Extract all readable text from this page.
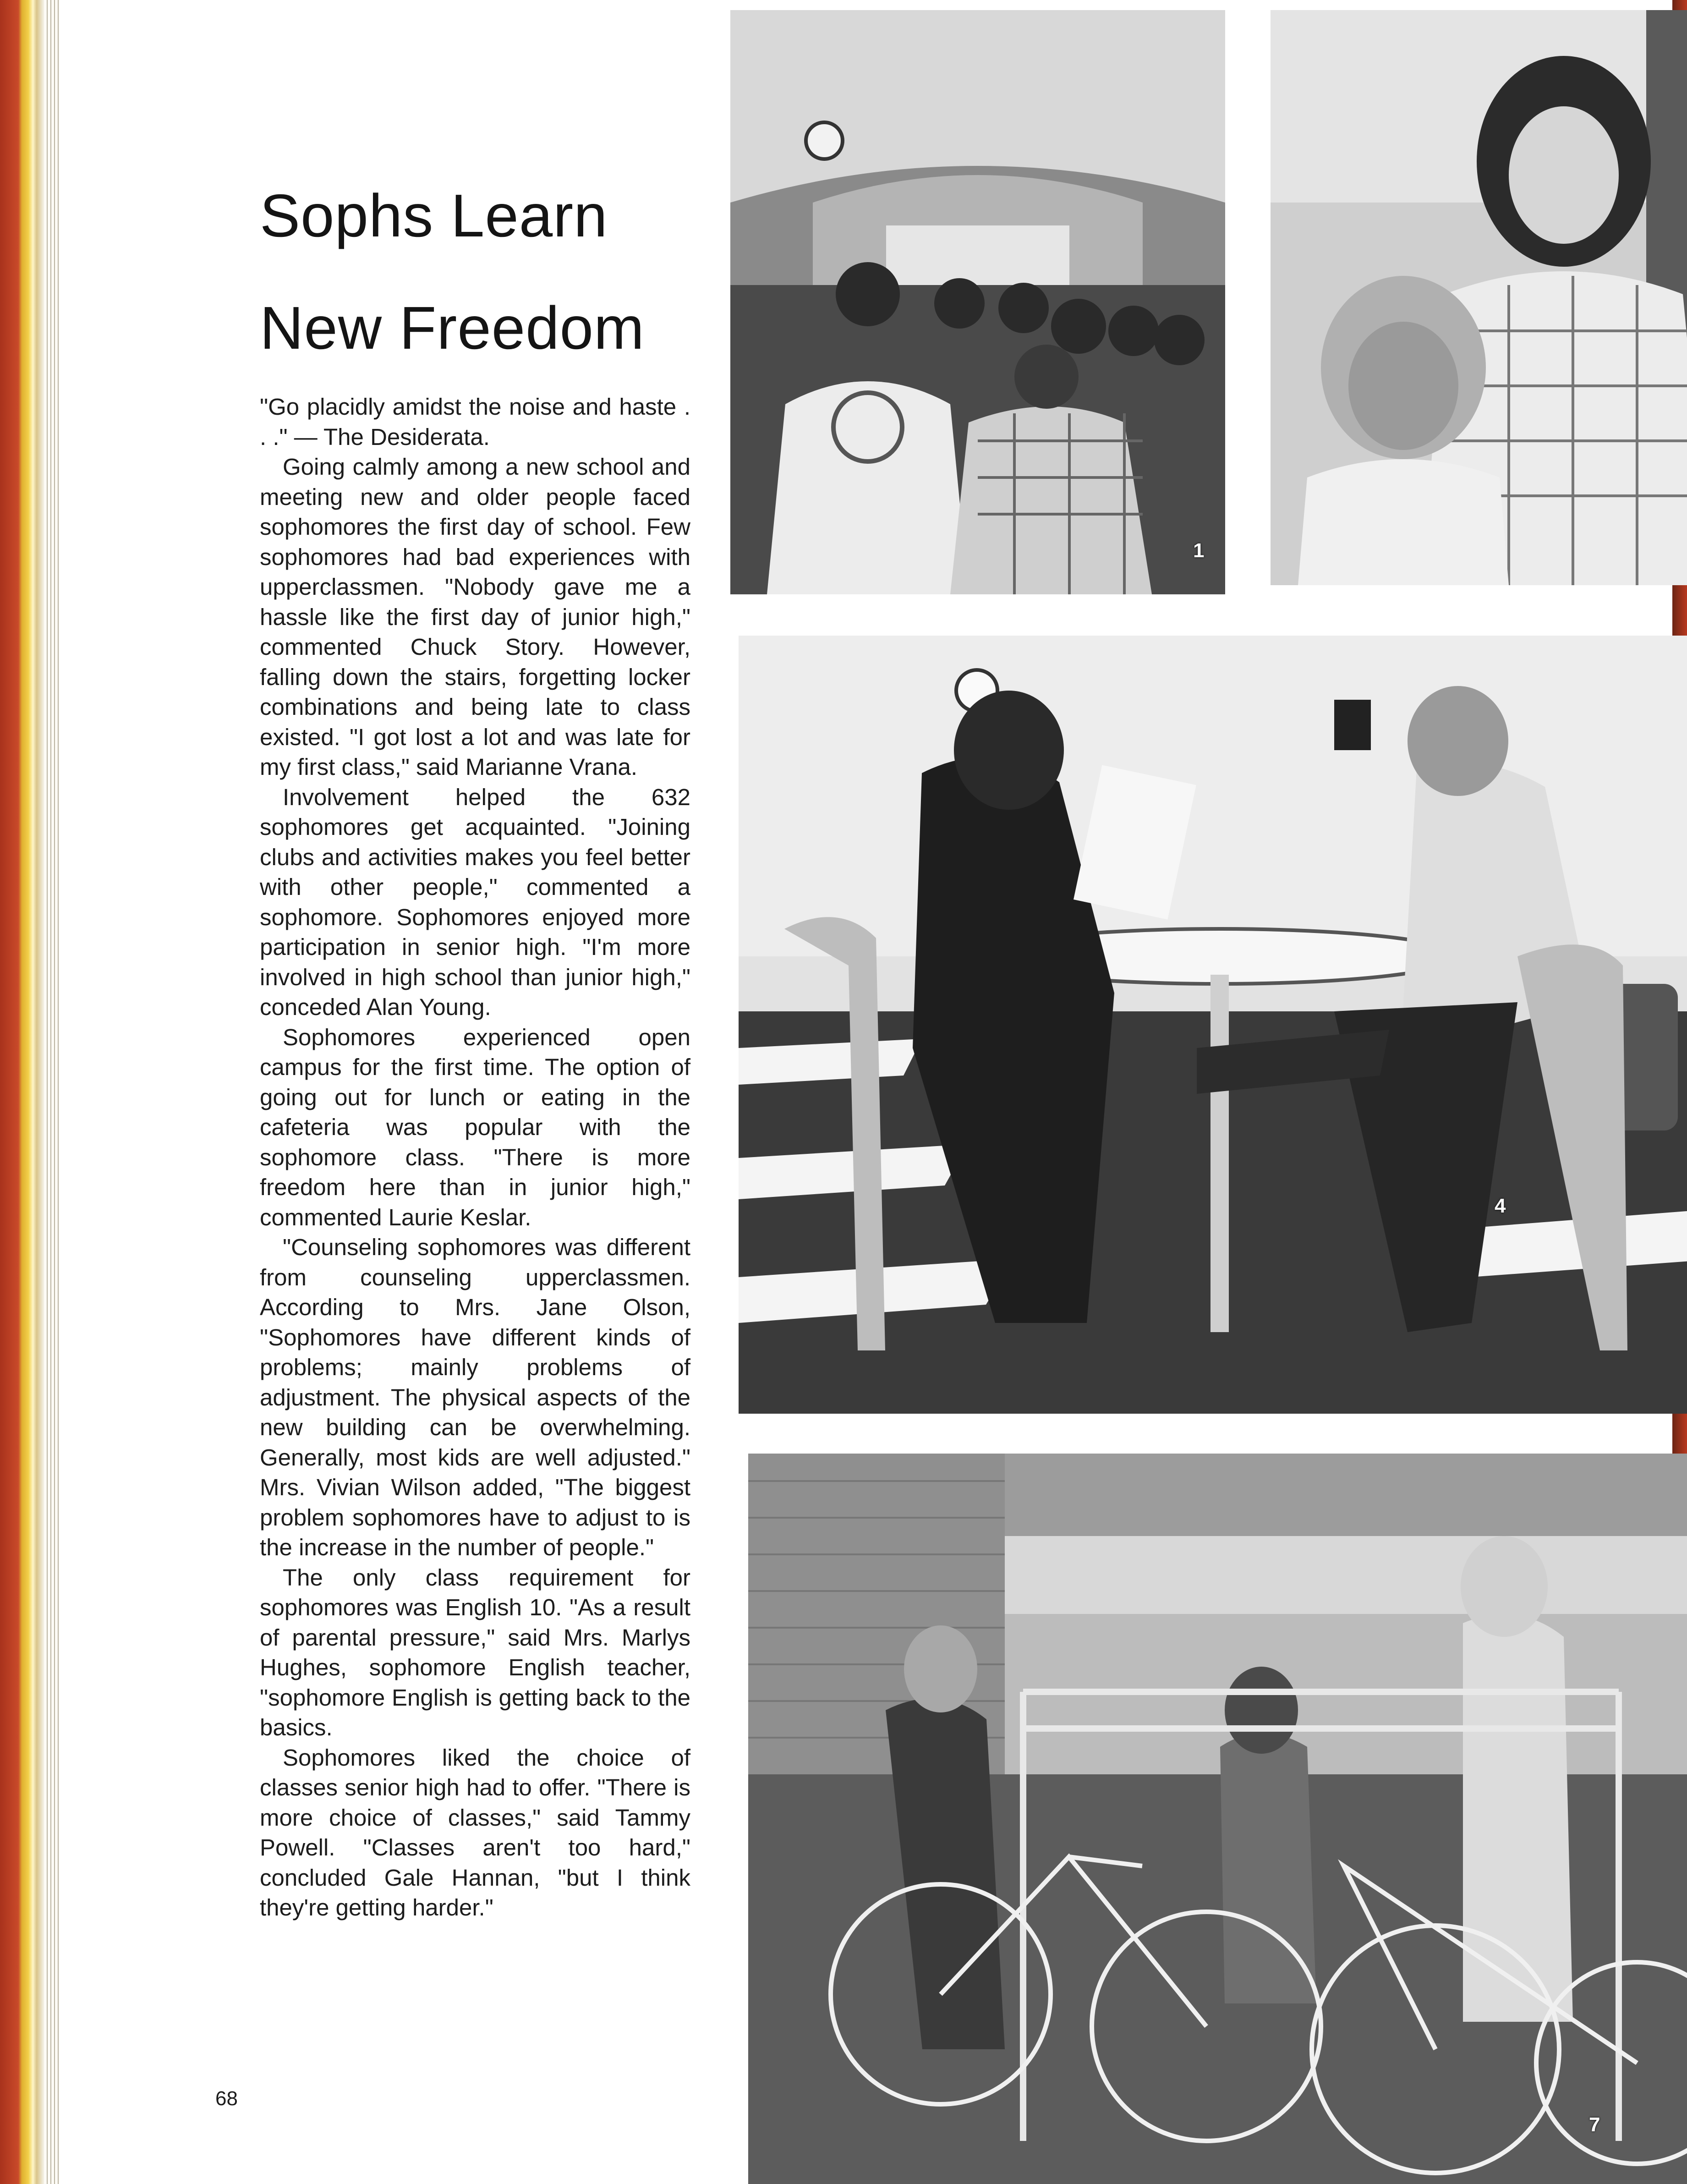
Sophs Learn
New Freedom

"Go placidly amidst the noise and haste . . ." — The Desiderata.

Going calmly among a new school and meeting new and older people faced sophomores the first day of school. Few sophomores had bad experiences with upperclassmen. "Nobody gave me a hassle like the first day of junior high," commented Chuck Story. However, falling down the stairs, forgetting locker combinations and being late to class existed. "I got lost a lot and was late for my first class," said Marianne Vrana.

Involvement helped the 632 sophomores get acquainted. "Joining clubs and activities makes you feel better with other people," commented a sophomore. Sophomores enjoyed more participation in senior high. "I'm more involved in high school than junior high," conceded Alan Young.

Sophomores experienced open campus for the first time. The option of going out for lunch or eating in the cafeteria was popular with the sophomore class. "There is more freedom here than in junior high," commented Laurie Keslar.

"Counseling sophomores was different from counseling upperclassmen. According to Mrs. Jane Olson, "Sophomores have different kinds of problems; mainly problems of adjustment. The physical aspects of the new building can be overwhelming. Generally, most kids are well adjusted." Mrs. Vivian Wilson added, "The biggest problem sophomores have to adjust to is the increase in the number of people."

The only class requirement for sophomores was English 10. "As a result of parental pressure," said Mrs. Marlys Hughes, sophomore English teacher, "sophomore English is getting back to the basics.

Sophomores liked the choice of classes senior high had to offer. "There is more choice of classes," said Tammy Powell. "Classes aren't too hard," concluded Gale Hannan, "but I think they're getting harder."

68
1
4
7
